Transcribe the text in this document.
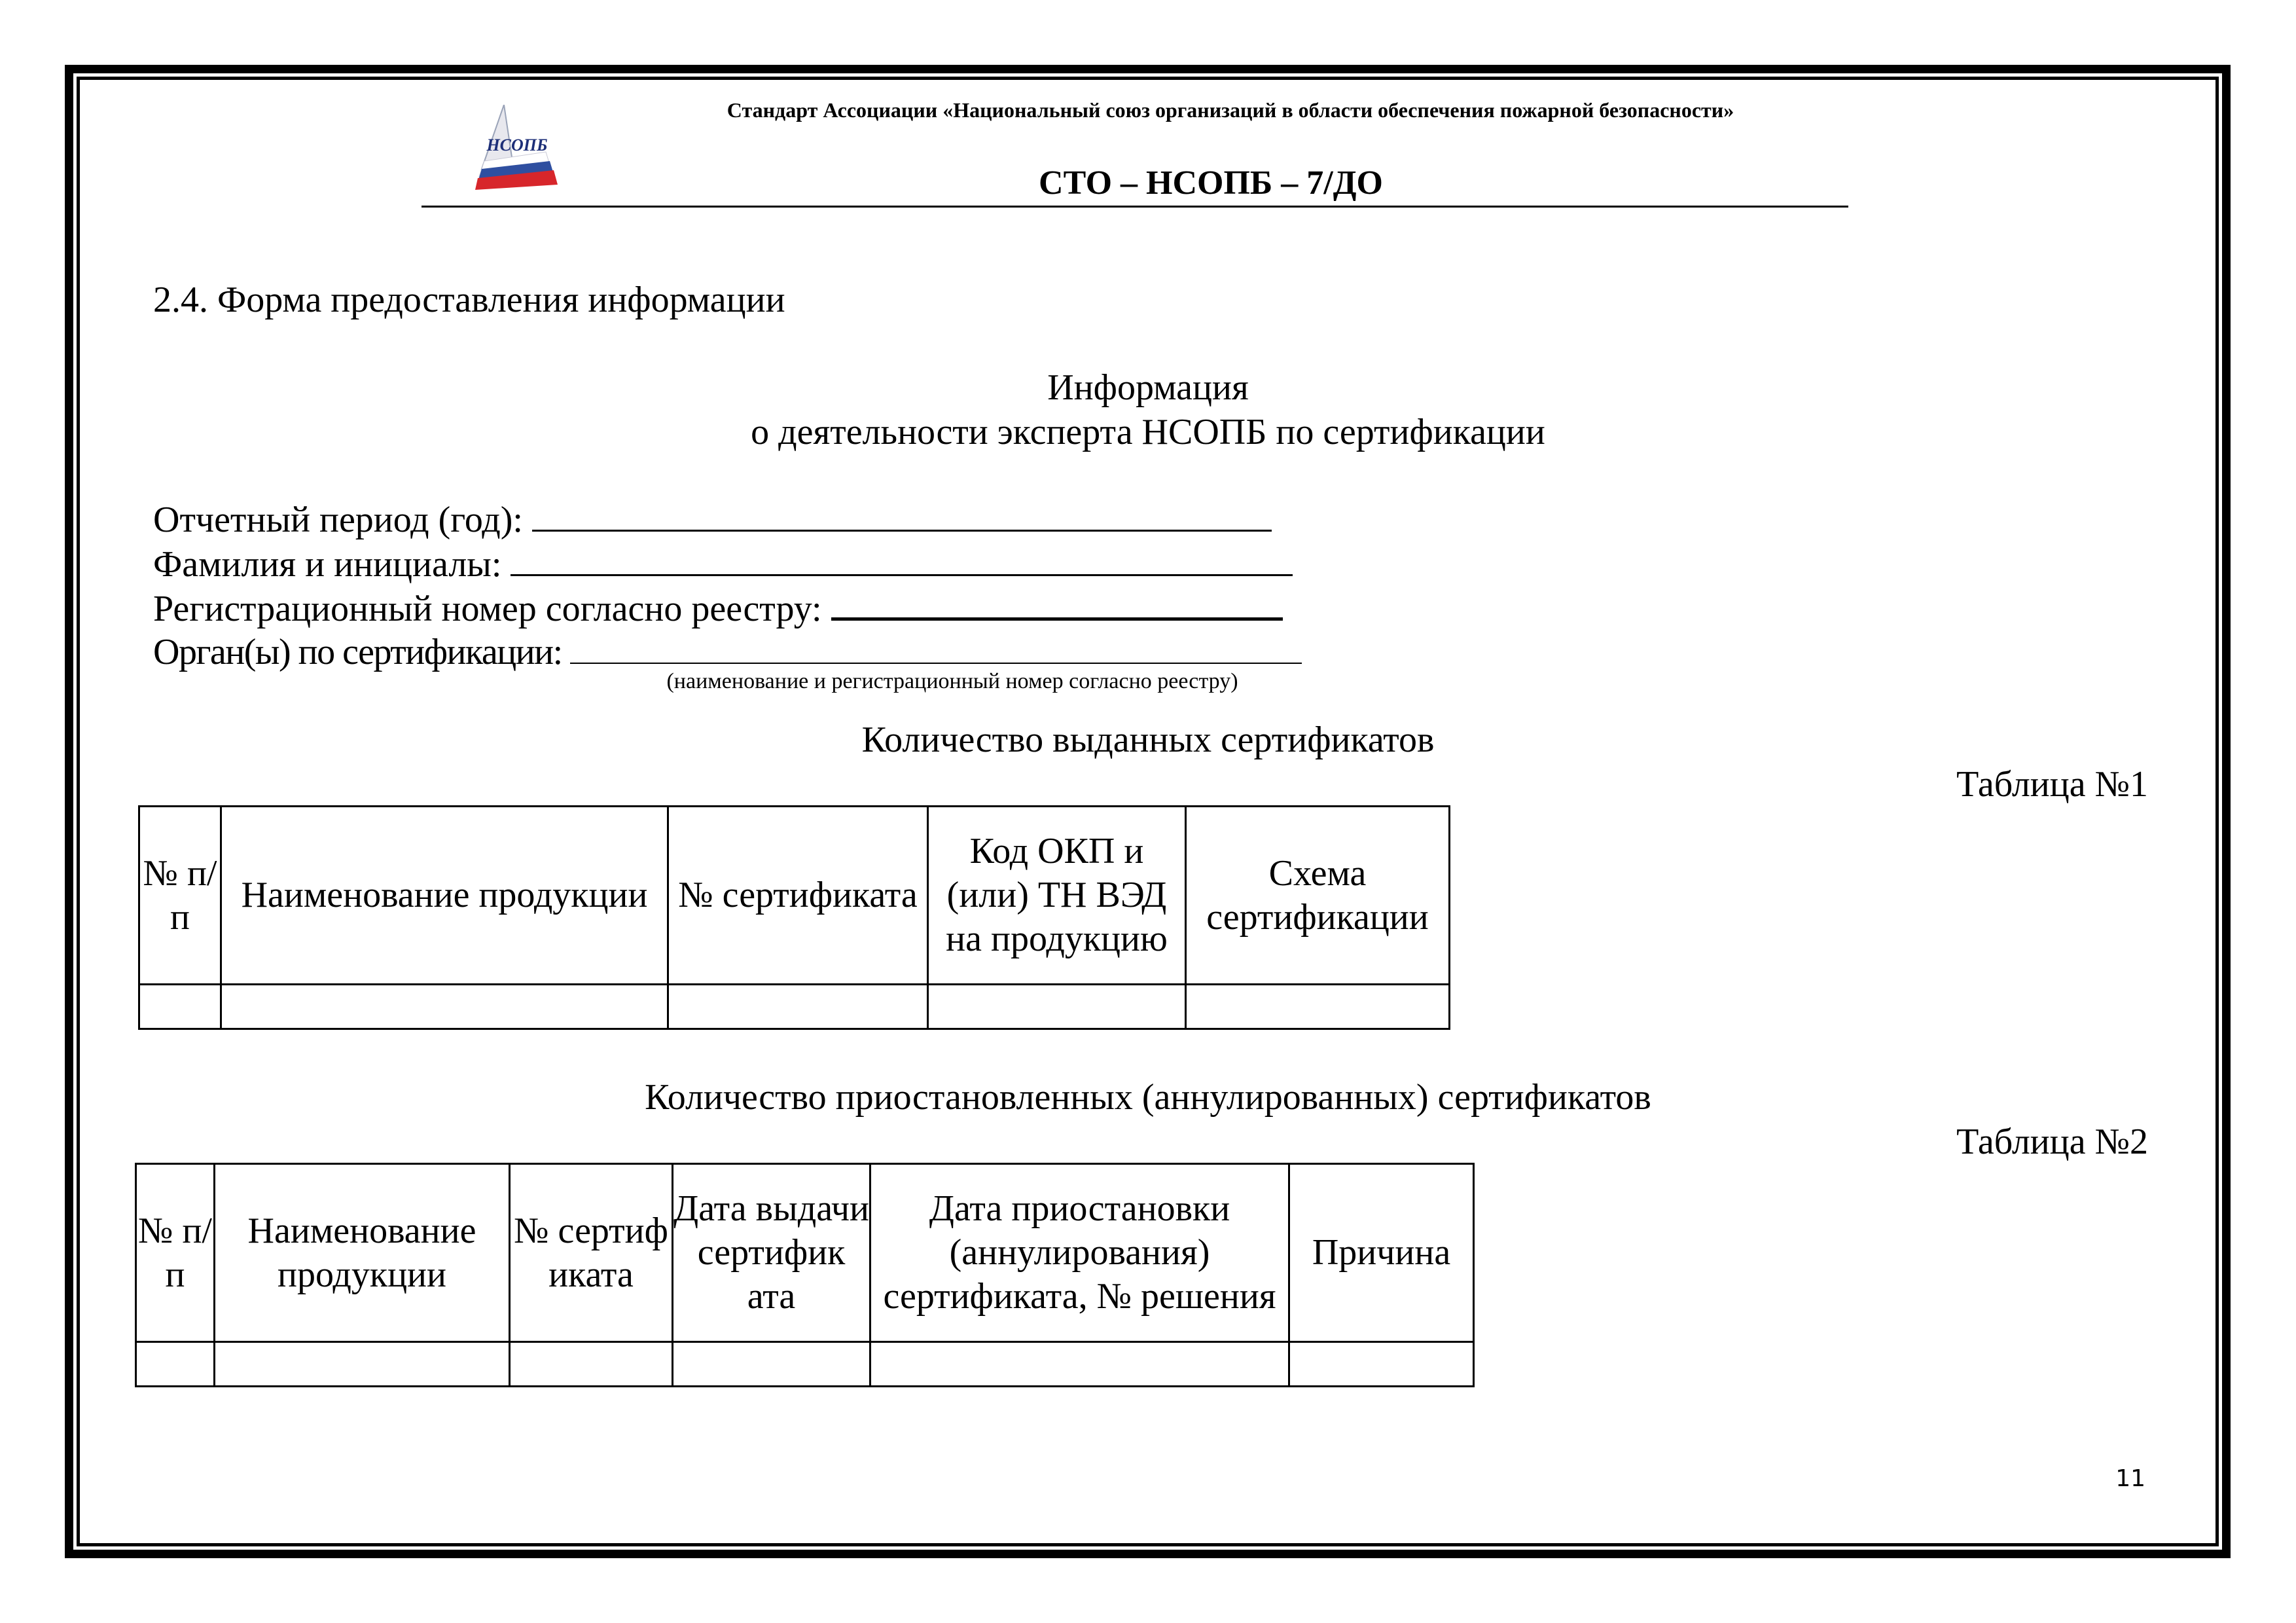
НСОПБ
Стандарт Ассоциации «Национальный союз организаций в области обеспечения пожарной безопасности»
СТО – НСОПБ – 7/ДО
2.4. Форма предоставления информации
Информация
о деятельности эксперта НСОПБ по сертификации
Отчетный период (год):
Фамилия и инициалы:
Регистрационный номер согласно реестру:
Орган(ы) по сертификации:
(наименование и регистрационный номер согласно реестру)
Количество выданных сертификатов
Таблица №1
№ п/п	Наименование продукции	№ сертификата	Код ОКП и (или) ТН ВЭД на продукцию	Схема сертификации

Количество приостановленных (аннулированных) сертификатов
Таблица №2
№ п/п	Наименование продукции	№ сертиф иката	Дата выдачи сертифик ата	Дата приостановки (аннулирования) сертификата, № решения	Причина

11
